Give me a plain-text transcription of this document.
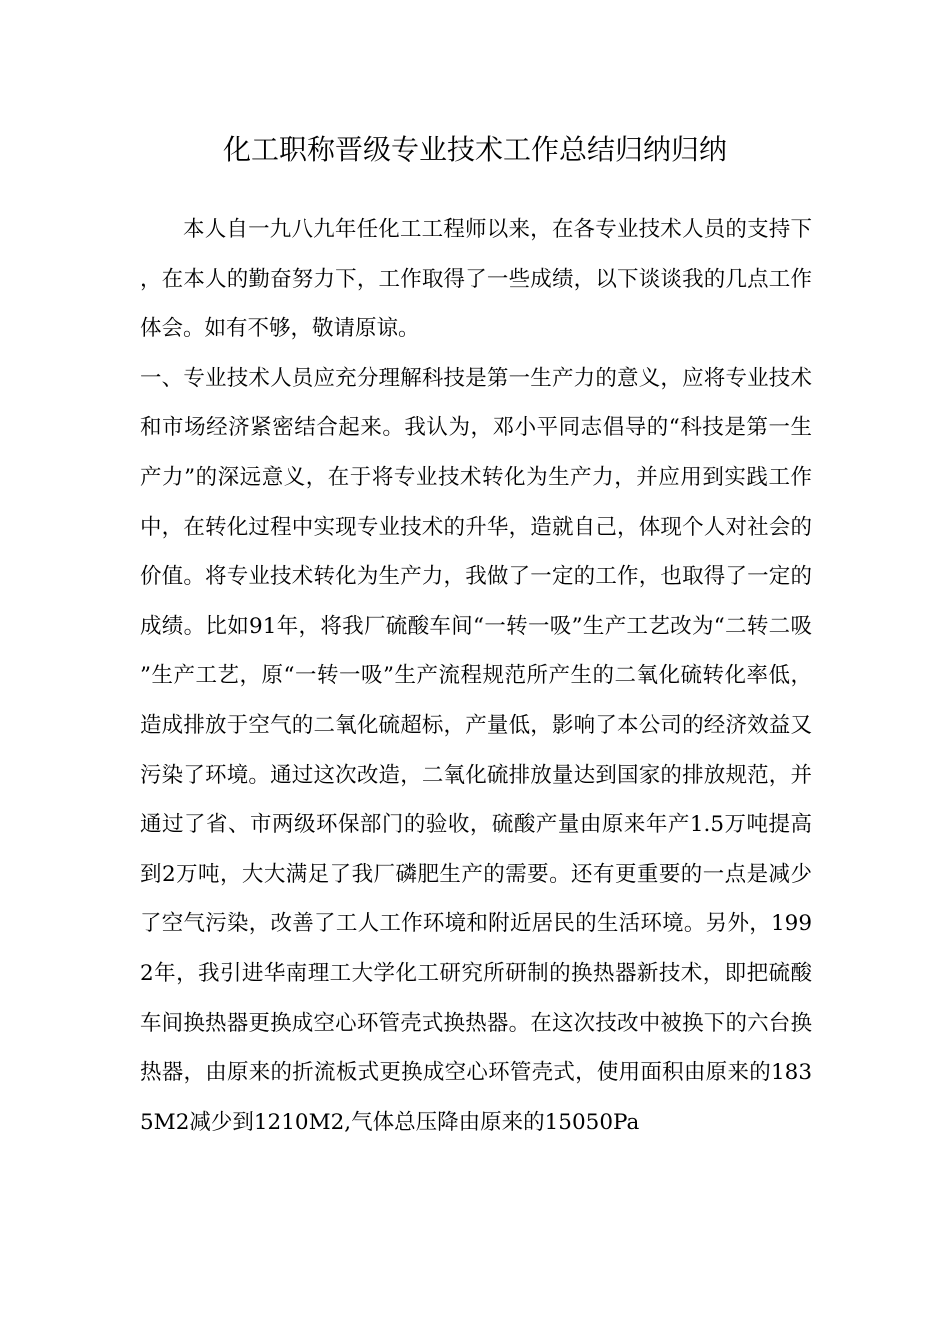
化工职称晋级专业技术工作总结归纳归纳

本人自一九八九年任化工工程师以来，在各专业技术人员的支持下，在本人的勤奋努力下，工作取得了一些成绩，以下谈谈我的几点工作体会。如有不够，敬请原谅。

一、专业技术人员应充分理解科技是第一生产力的意义，应将专业技术和市场经济紧密结合起来。我认为，邓小平同志倡导的“科技是第一生产力”的深远意义，在于将专业技术转化为生产力，并应用到实践工作中，在转化过程中实现专业技术的升华，造就自己，体现个人对社会的价值。将专业技术转化为生产力，我做了一定的工作，也取得了一定的成绩。比如91年，将我厂硫酸车间“一转一吸”生产工艺改为“二转二吸”生产工艺，原“一转一吸”生产流程规范所产生的二氧化硫转化率低，造成排放于空气的二氧化硫超标，产量低，影响了本公司的经济效益又污染了环境。通过这次改造，二氧化硫排放量达到国家的排放规范，并通过了省、市两级环保部门的验收，硫酸产量由原来年产1.5万吨提高到2万吨，大大满足了我厂磷肥生产的需要。还有更重要的一点是减少了空气污染，改善了工人工作环境和附近居民的生活环境。另外，1992年，我引进华南理工大学化工研究所研制的换热器新技术，即把硫酸车间换热器更换成空心环管壳式换热器。在这次技改中被换下的六台换热器，由原来的折流板式更换成空心环管壳式，使用面积由原来的1835M2减少到1210M2,气体总压降由原来的15050Pa
